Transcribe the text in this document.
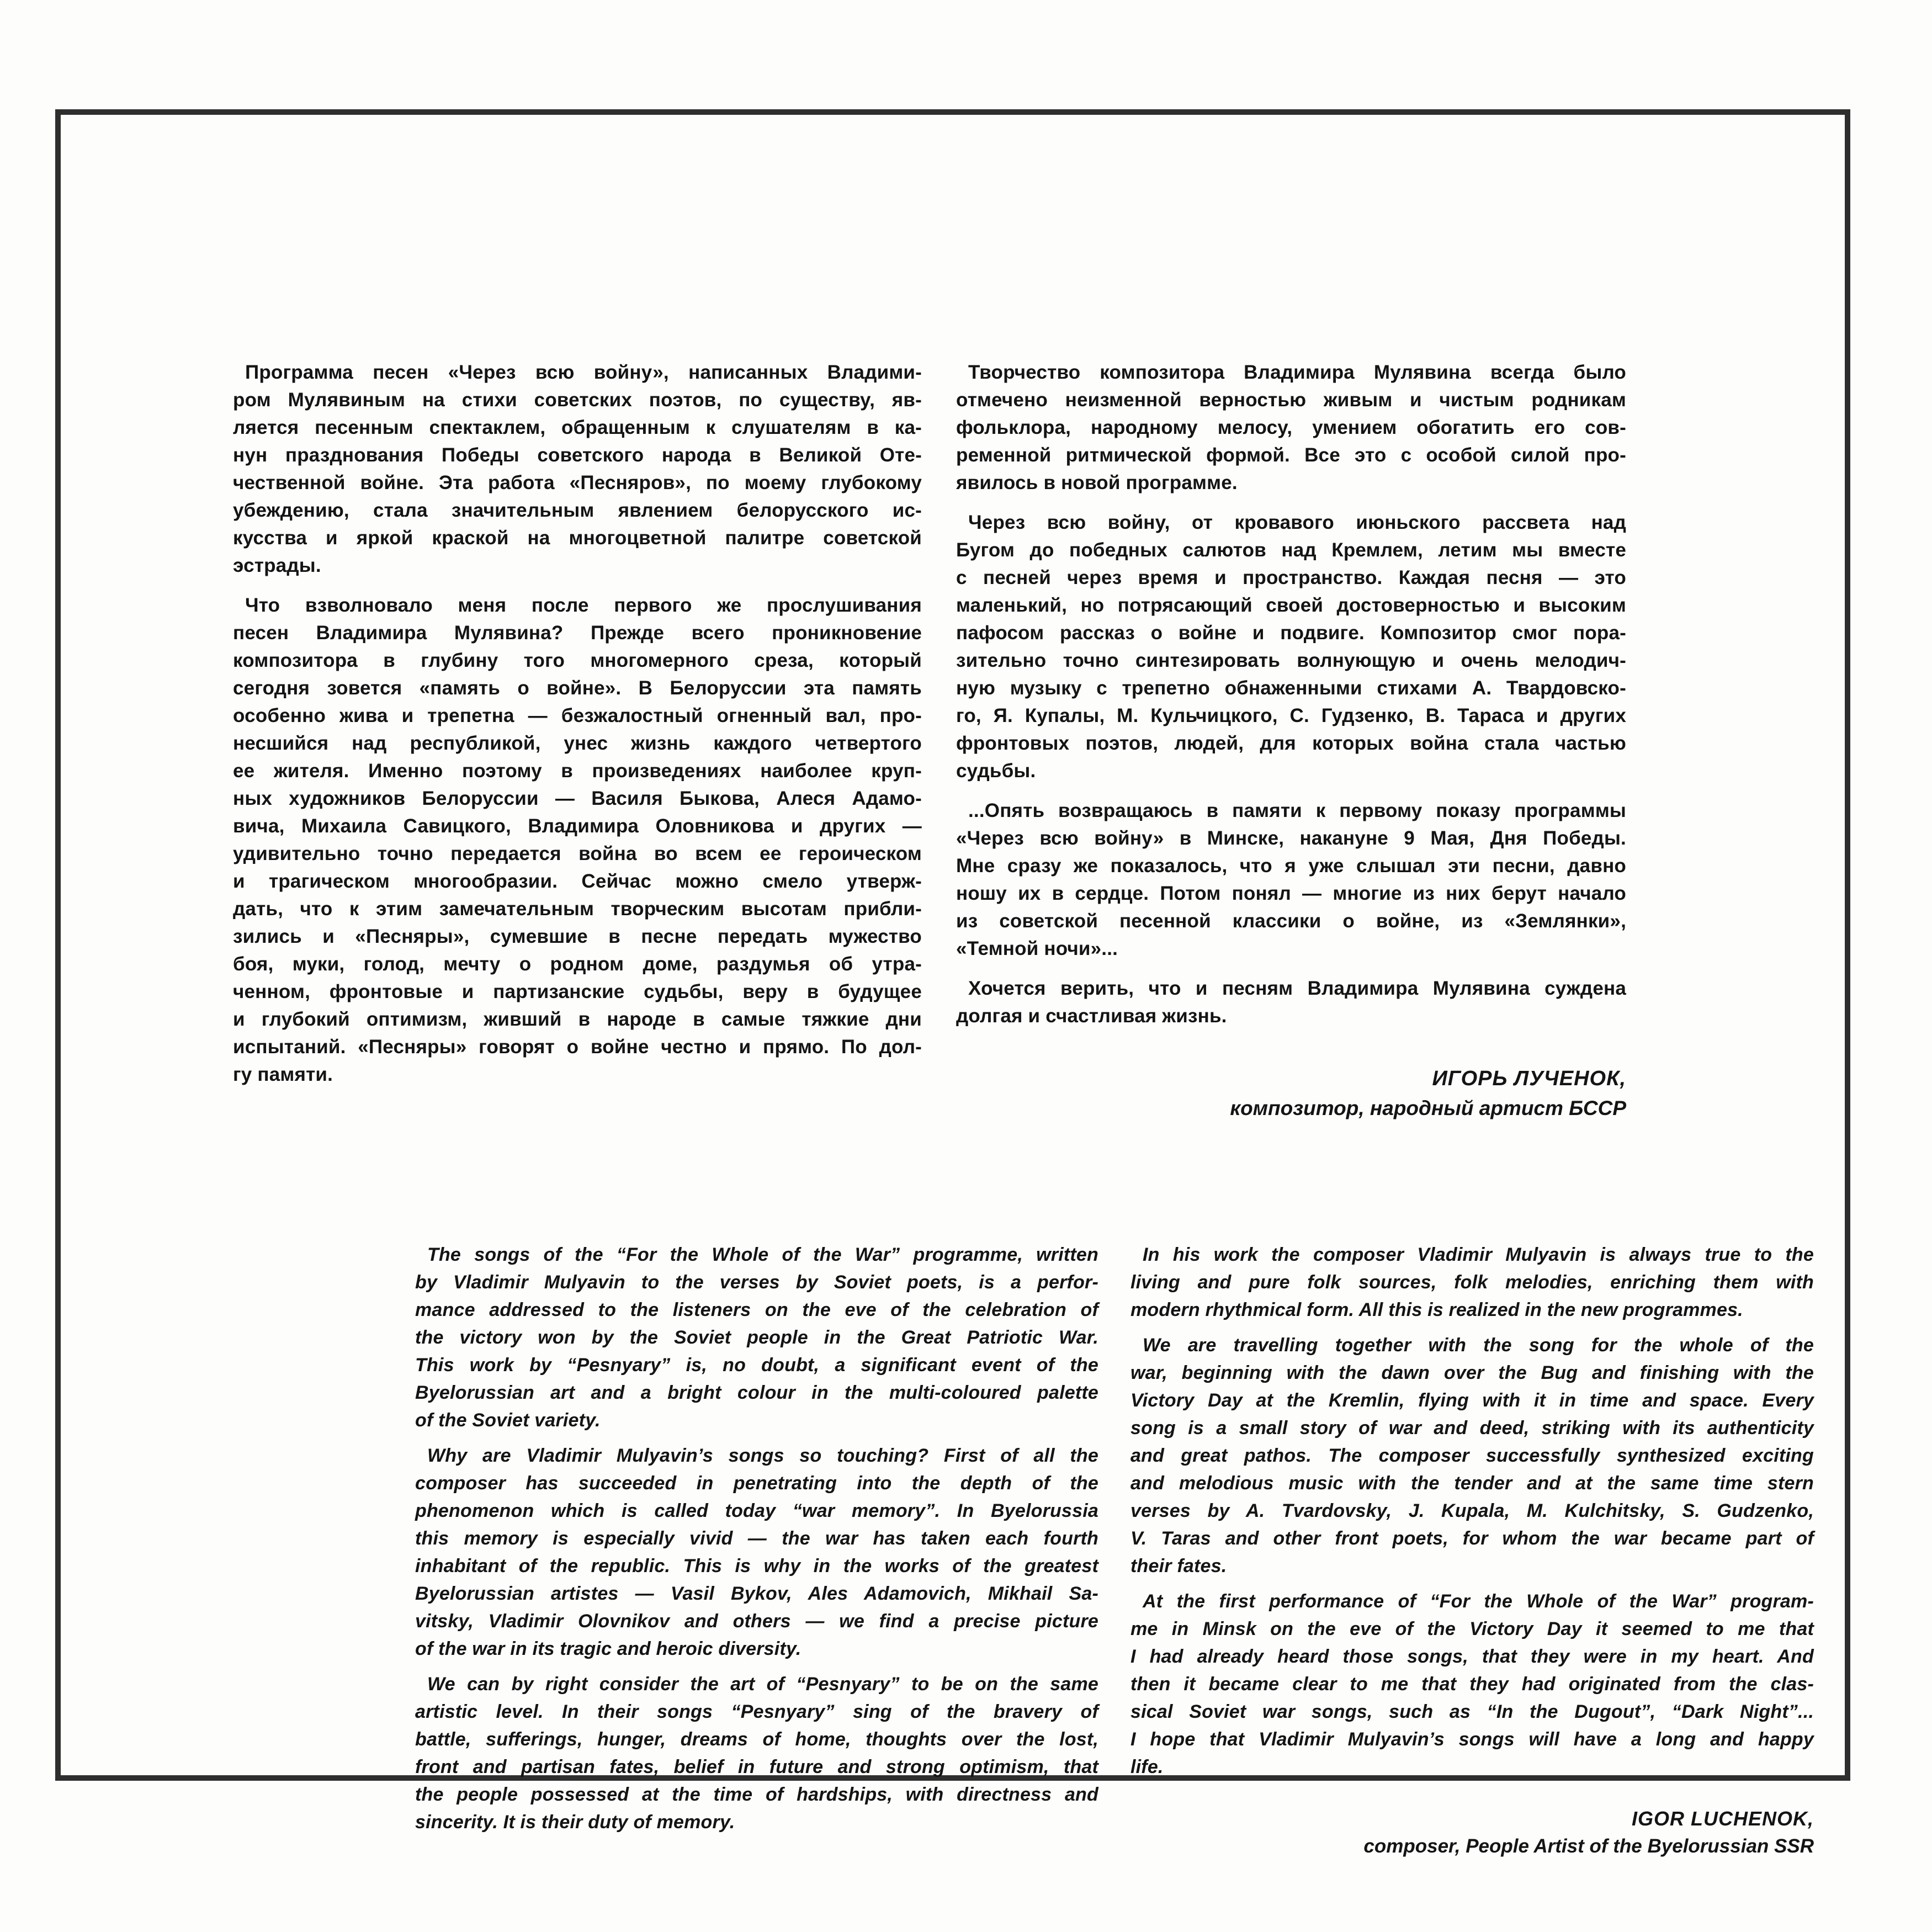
Программа песен «Через всю войну», написанных Владими-
ром Мулявиным на стихи советских поэтов, по существу, яв-
ляется песенным спектаклем, обращенным к слушателям в ка-
нун празднования Победы советского народа в Великой Оте-
чественной войне. Эта работа «Песняров», по моему глубокому
убеждению, стала значительным явлением белорусского ис-
кусства и яркой краской на многоцветной палитре советской
эстрады.
Что взволновало меня после первого же прослушивания
песен Владимира Мулявина? Прежде всего проникновение
композитора в глубину того многомерного среза, который
сегодня зовется «память о войне». В Белоруссии эта память
особенно жива и трепетна — безжалостный огненный вал, про-
несшийся над республикой, унес жизнь каждого четвертого
ее жителя. Именно поэтому в произведениях наиболее круп-
ных художников Белоруссии — Василя Быкова, Алеся Адамо-
вича, Михаила Савицкого, Владимира Оловникова и других —
удивительно точно передается война во всем ее героическом
и трагическом многообразии. Сейчас можно смело утверж-
дать, что к этим замечательным творческим высотам прибли-
зились и «Песняры», сумевшие в песне передать мужество
боя, муки, голод, мечту о родном доме, раздумья об утра-
ченном, фронтовые и партизанские судьбы, веру в будущее
и глубокий оптимизм, живший в народе в самые тяжкие дни
испытаний. «Песняры» говорят о войне честно и прямо. По дол-
гу памяти.
Творчество композитора Владимира Мулявина всегда было
отмечено неизменной верностью живым и чистым родникам
фольклора, народному мелосу, умением обогатить его сов-
ременной ритмической формой. Все это с особой силой про-
явилось в новой программе.
Через всю войну, от кровавого июньского рассвета над
Бугом до победных салютов над Кремлем, летим мы вместе
с песней через время и пространство. Каждая песня — это
маленький, но потрясающий своей достоверностью и высоким
пафосом рассказ о войне и подвиге. Композитор смог пора-
зительно точно синтезировать волнующую и очень мелодич-
ную музыку с трепетно обнаженными стихами А. Твардовско-
го, Я. Купалы, М. Кульчицкого, С. Гудзенко, В. Тараса и других
фронтовых поэтов, людей, для которых война стала частью
судьбы.
...Опять возвращаюсь в памяти к первому показу программы
«Через всю войну» в Минске, накануне 9 Мая, Дня Победы.
Мне сразу же показалось, что я уже слышал эти песни, давно
ношу их в сердце. Потом понял — многие из них берут начало
из советской песенной классики о войне, из «Землянки»,
«Темной ночи»...
Хочется верить, что и песням Владимира Мулявина суждена
долгая и счастливая жизнь.
ИГОРЬ ЛУЧЕНОК,
композитор, народный артист БССР
The songs of the “For the Whole of the War” programme, written
by Vladimir Mulyavin to the verses by Soviet poets, is a perfor-
mance addressed to the listeners on the eve of the celebration of
the victory won by the Soviet people in the Great Patriotic War.
This work by “Pesnyary” is, no doubt, a significant event of the
Byelorussian art and a bright colour in the multi-coloured palette
of the Soviet variety.
Why are Vladimir Mulyavin’s songs so touching? First of all the
composer has succeeded in penetrating into the depth of the
phenomenon which is called today “war memory”. In Byelorussia
this memory is especially vivid — the war has taken each fourth
inhabitant of the republic. This is why in the works of the greatest
Byelorussian artistes — Vasil Bykov, Ales Adamovich, Mikhail Sa-
vitsky, Vladimir Olovnikov and others — we find a precise picture
of the war in its tragic and heroic diversity.
We can by right consider the art of “Pesnyary” to be on the same
artistic level. In their songs “Pesnyary” sing of the bravery of
battle, sufferings, hunger, dreams of home, thoughts over the lost,
front and partisan fates, belief in future and strong optimism, that
the people possessed at the time of hardships, with directness and
sincerity. It is their duty of memory.
In his work the composer Vladimir Mulyavin is always true to the
living and pure folk sources, folk melodies, enriching them with
modern rhythmical form. All this is realized in the new programmes.
We are travelling together with the song for the whole of the
war, beginning with the dawn over the Bug and finishing with the
Victory Day at the Kremlin, flying with it in time and space. Every
song is a small story of war and deed, striking with its authenticity
and great pathos. The composer successfully synthesized exciting
and melodious music with the tender and at the same time stern
verses by A. Tvardovsky, J. Kupala, M. Kulchitsky, S. Gudzenko,
V. Taras and other front poets, for whom the war became part of
their fates.
At the first performance of “For the Whole of the War” program-
me in Minsk on the eve of the Victory Day it seemed to me that
I had already heard those songs, that they were in my heart. And
then it became clear to me that they had originated from the clas-
sical Soviet war songs, such as “In the Dugout”, “Dark Night”...
I hope that Vladimir Mulyavin’s songs will have a long and happy
life.
IGOR LUCHENOK,
composer, People Artist of the Byelorussian SSR
